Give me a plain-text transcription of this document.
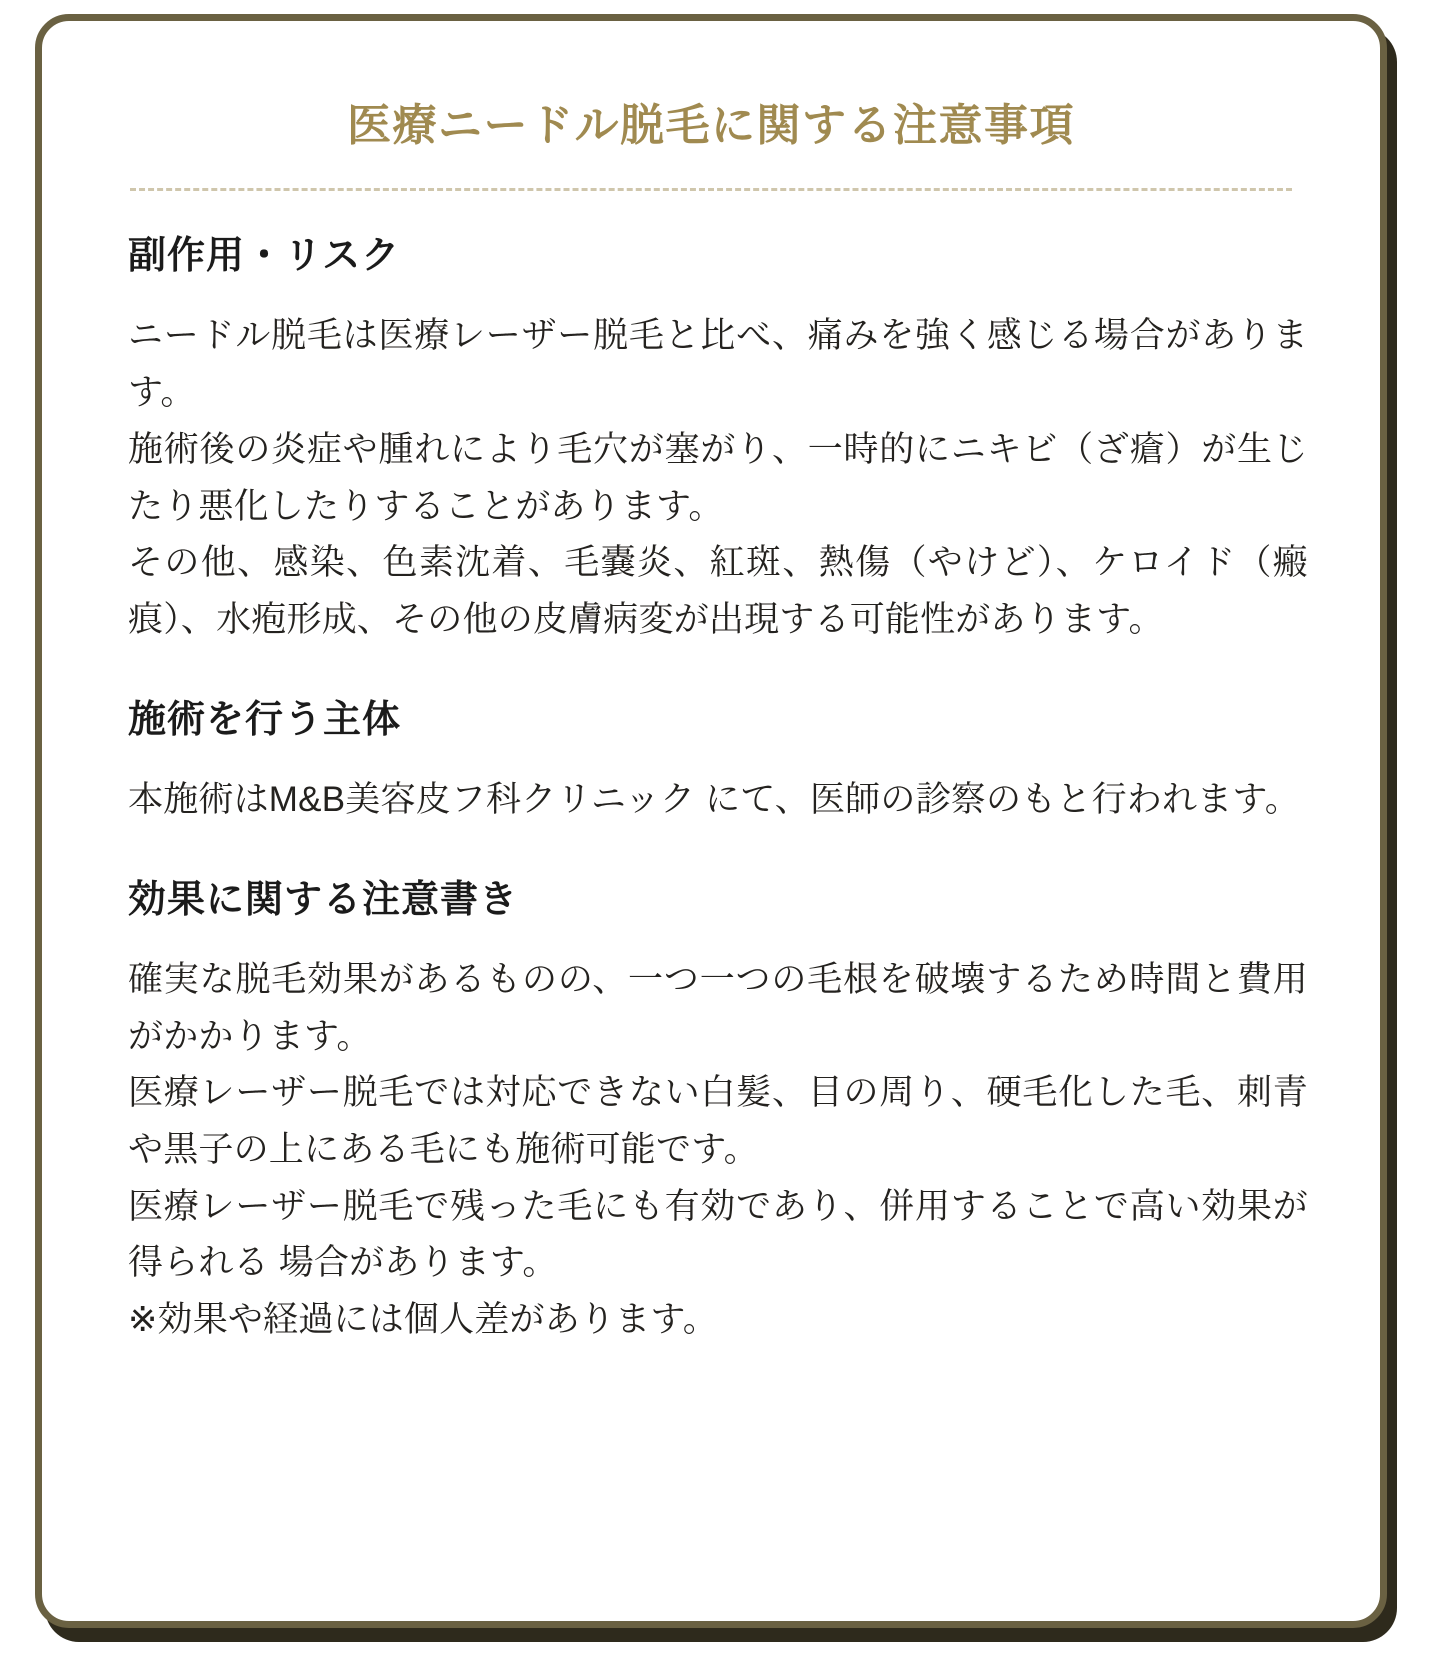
医療ニードル脱毛に関する注意事項
副作用・リスク

ニードル脱毛は医療レーザー脱毛と比べ、痛みを強く感じる場合があります。

施術後の炎症や腫れにより毛穴が塞がり、一時的にニキビ（ざ瘡）が生じたり悪化したりすることがあります。

その他、感染、色素沈着、毛嚢炎、紅斑、熱傷（やけど）、ケロイド（瘢痕）、水疱形成、その他の皮膚病変が出現する可能性があります。

施術を行う主体

本施術はM&B美容皮フ科クリニック にて、医師の診察のもと行われます。

効果に関する注意書き

確実な脱毛効果があるものの、一つ一つの毛根を破壊するため時間と費用がかかります。

医療レーザー脱毛では対応できない白髪、目の周り、硬毛化した毛、刺青や黒子の上にある毛にも施術可能です。

医療レーザー脱毛で残った毛にも有効であり、併用することで高い効果が得られる 場合があります。

※効果や経過には個人差があります。
